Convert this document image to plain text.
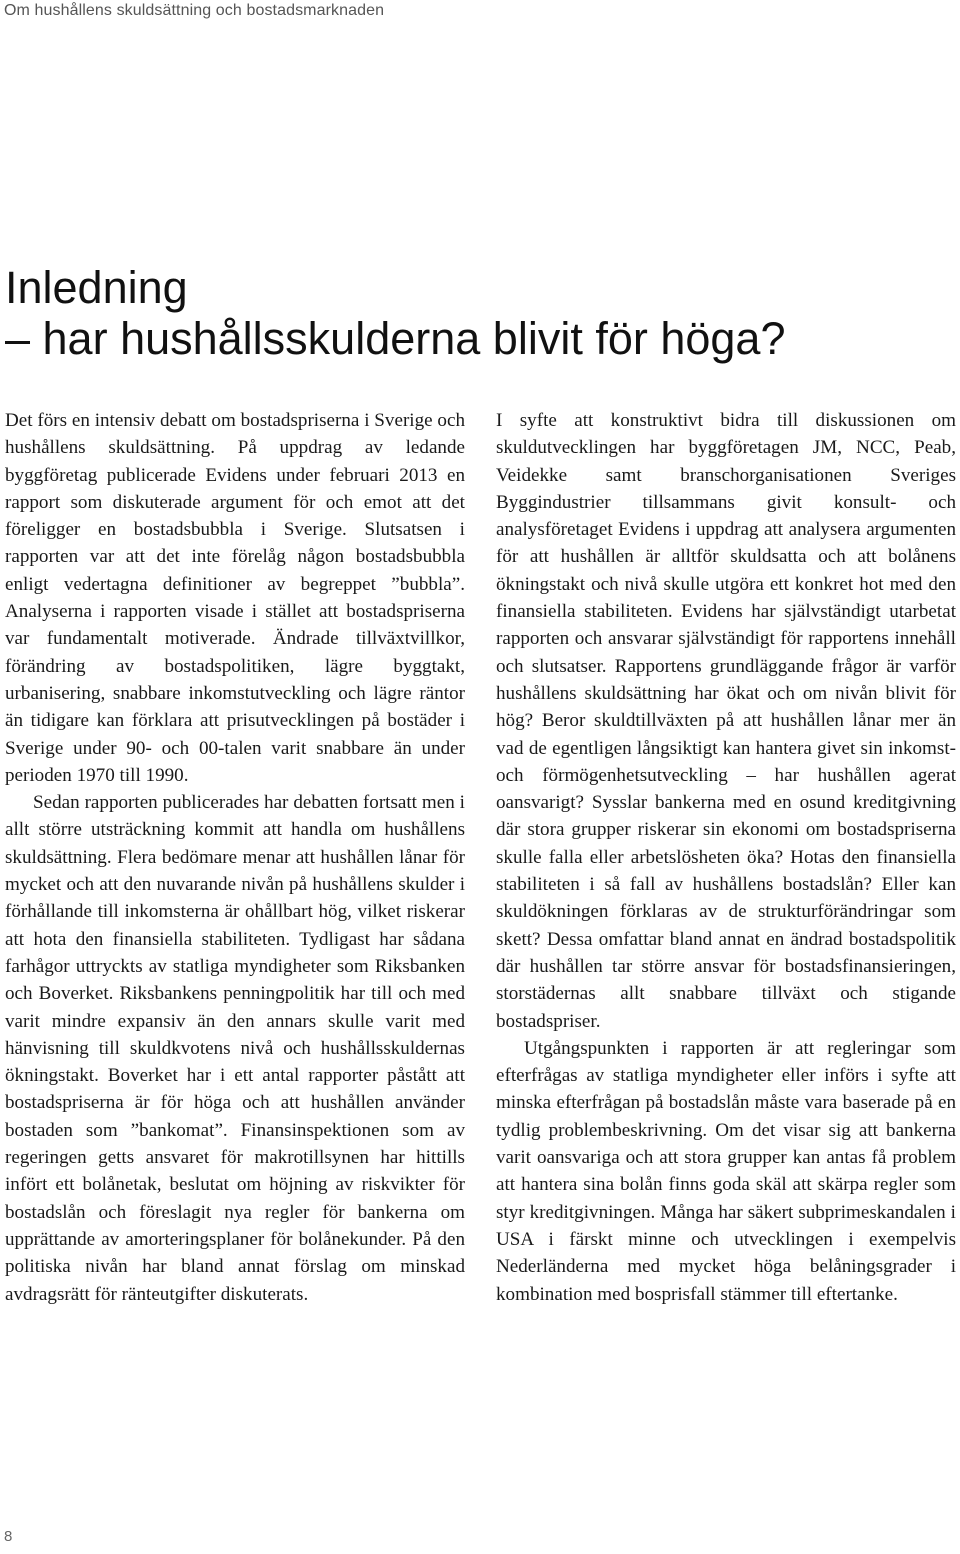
Om hushållens skuldsättning och bostadsmarknaden
Inledning
– har hushållsskulderna blivit för höga?

Det förs en intensiv debatt om bostadspriserna i Sverige och hushållens skuldsättning. På uppdrag av ledande byggföretag publicerade Evidens under februari 2013 en rapport som diskuterade argument för och emot att det föreligger en bostadsbubbla i Sverige. Slutsatsen i rapporten var att det inte förelåg någon bostadsbubbla enligt vedertagna definitioner av begreppet ”bubbla”. Analyserna i rapporten visade i stället att bostadspriserna var fundamentalt motiverade. Ändrade tillväxtvillkor, förändring av bostadspolitiken, lägre byggtakt, urbanisering, snabbare inkomstutveckling och lägre räntor än tidigare kan förklara att prisutvecklingen på bostäder i Sverige under 90- och 00-talen varit snabbare än under perioden 1970 till 1990.

Sedan rapporten publicerades har debatten fortsatt men i allt större utsträckning kommit att handla om hushållens skuldsättning. Flera bedömare menar att hushållen lånar för mycket och att den nuvarande nivån på hushållens skulder i förhållande till inkomsterna är ohållbart hög, vilket riskerar att hota den finansiella stabiliteten. Tydligast har sådana farhågor uttryckts av statliga myndigheter som Riksbanken och Boverket. Riksbankens penningpolitik har till och med varit mindre expansiv än den annars skulle varit med hänvisning till skuldkvotens nivå och hushållsskuldernas ökningstakt. Boverket har i ett antal rapporter påstått att bostadspriserna är för höga och att hushållen använder bostaden som ”bankomat”. Finansinspektionen som av regeringen getts ansvaret för makrotillsynen har hittills infört ett bolånetak, beslutat om höjning av riskvikter för bostadslån och föreslagit nya regler för bankerna om upprättande av amorteringsplaner för bolånekunder. På den politiska nivån har bland annat förslag om minskad avdragsrätt för ränteutgifter diskuterats.

I syfte att konstruktivt bidra till diskussionen om skuldutvecklingen har byggföretagen JM, NCC, Peab, Veidekke samt branschorganisationen Sveriges Byggindustrier tillsammans givit konsult- och analysföretaget Evidens i uppdrag att analysera argumenten för att hushållen är alltför skuldsatta och att bolånens ökningstakt och nivå skulle utgöra ett konkret hot med den finansiella stabiliteten. Evidens har självständigt utarbetat rapporten och ansvarar självständigt för rapportens innehåll och slutsatser. Rapportens grundläggande frågor är varför hushållens skuldsättning har ökat och om nivån blivit för hög? Beror skuldtillväxten på att hushållen lånar mer än vad de egentligen långsiktigt kan hantera givet sin inkomst- och förmögenhetsutveckling – har hushållen agerat oansvarigt? Sysslar bankerna med en osund kreditgivning där stora grupper riskerar sin ekonomi om bostadspriserna skulle falla eller arbetslösheten öka? Hotas den finansiella stabiliteten i så fall av hushållens bostadslån? Eller kan skuldökningen förklaras av de strukturförändringar som skett? Dessa omfattar bland annat en ändrad bostadspolitik där hushållen tar större ansvar för bostadsfinansieringen, storstädernas allt snabbare tillväxt och stigande bostadspriser.

Utgångspunkten i rapporten är att regleringar som efterfrågas av statliga myndigheter eller införs i syfte att minska efterfrågan på bostadslån måste vara baserade på en tydlig problembeskrivning. Om det visar sig att bankerna varit oansvariga och att stora grupper kan antas få problem att hantera sina bolån finns goda skäl att skärpa regler som styr kreditgivningen. Många har säkert subprimeskandalen i USA i färskt minne och utvecklingen i exempelvis Nederländerna med mycket höga belåningsgrader i kombination med bosprisfall stämmer till eftertanke.

8
